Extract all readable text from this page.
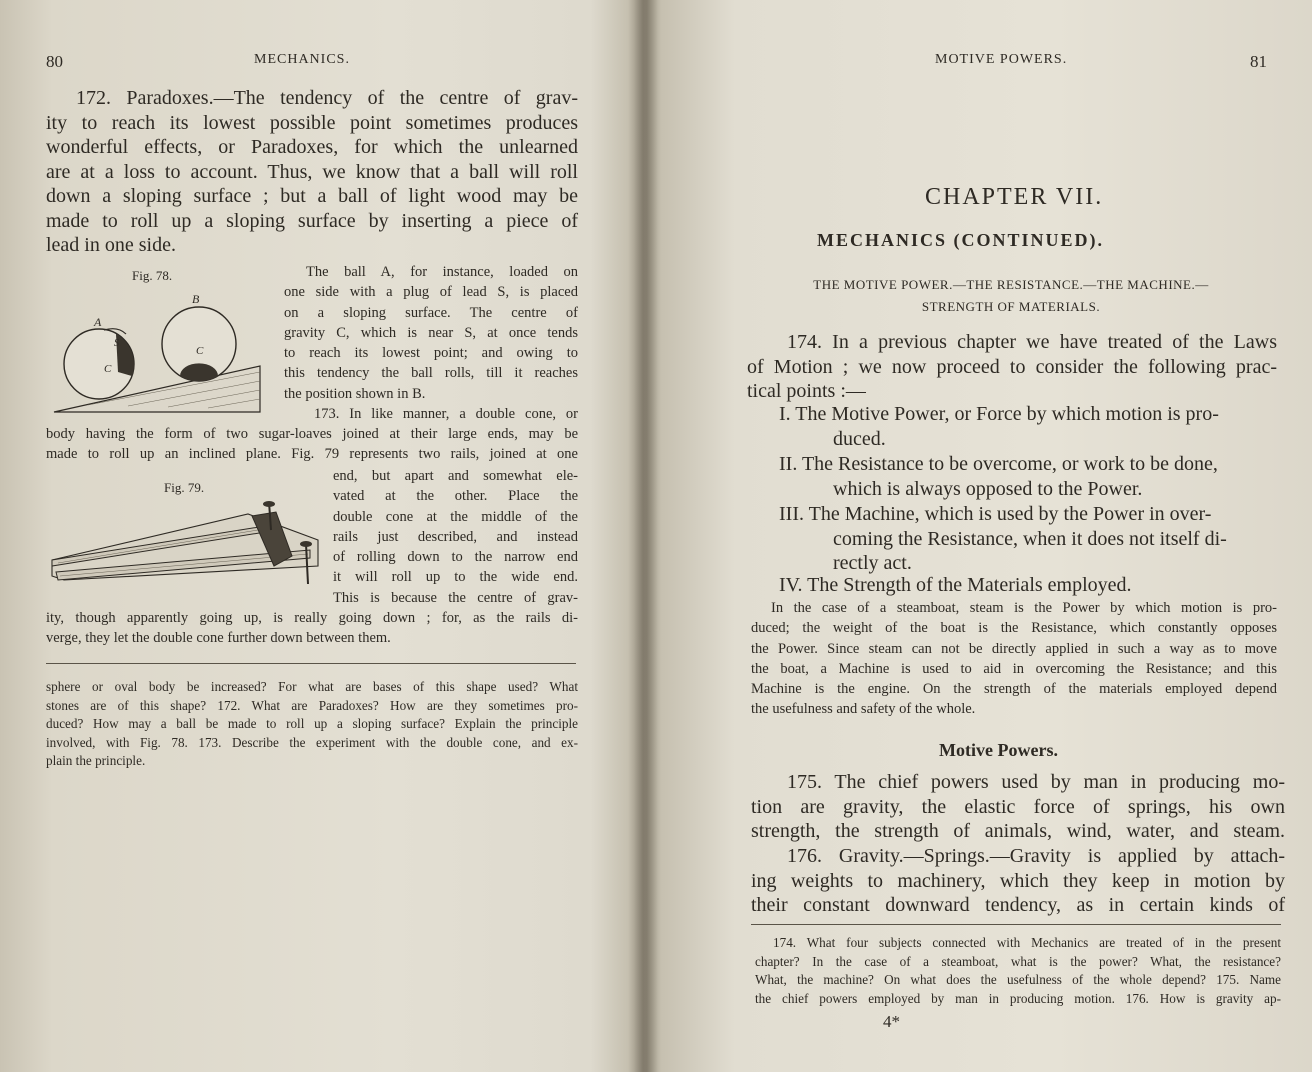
80	MECHANICS.
172. Paradoxes.—The tendency of the centre of grav-
ity to reach its lowest possible point sometimes produces
wonderful effects, or Paradoxes, for which the unlearned
are at a loss to account. Thus, we know that a ball will roll
down a sloping surface ; but a ball of light wood may be
made to roll up a sloping surface by inserting a piece of
lead in one side.
Fig. 78.
A
B
S
C
C
The ball A, for instance, loaded on
one side with a plug of lead S, is placed
on a sloping surface. The centre of
gravity C, which is near S, at once tends
to reach its lowest point; and owing to
this tendency the ball rolls, till it reaches
the position shown in B.
173. In like manner, a double cone, or
body having the form of two sugar-loaves joined at their large ends, may be
made to roll up an inclined plane. Fig. 79 represents two rails, joined at one
Fig. 79.
end, but apart and somewhat ele-
vated at the other. Place the
double cone at the middle of the
rails just described, and instead
of rolling down to the narrow end
it will roll up to the wide end.
This is because the centre of grav-
ity, though apparently going up, is really going down ; for, as the rails di-
verge, they let the double cone further down between them.
sphere or oval body be increased? For what are bases of this shape used? What
stones are of this shape? 172. What are Paradoxes? How are they sometimes pro-
duced? How may a ball be made to roll up a sloping surface? Explain the principle
involved, with Fig. 78. 173. Describe the experiment with the double cone, and ex-
plain the principle.
MOTIVE POWERS.	81
CHAPTER VII.
MECHANICS (CONTINUED).
THE MOTIVE POWER.—THE RESISTANCE.—THE MACHINE.—
STRENGTH OF MATERIALS.
174. In a previous chapter we have treated of the Laws
of Motion ; we now proceed to consider the following prac-
tical points :—
I. The Motive Power, or Force by which motion is pro-
duced.
II. The Resistance to be overcome, or work to be done,
which is always opposed to the Power.
III. The Machine, which is used by the Power in over-
coming the Resistance, when it does not itself di-
rectly act.
IV. The Strength of the Materials employed.
In the case of a steamboat, steam is the Power by which motion is pro-
duced; the weight of the boat is the Resistance, which constantly opposes
the Power. Since steam can not be directly applied in such a way as to move
the boat, a Machine is used to aid in overcoming the Resistance; and this
Machine is the engine. On the strength of the materials employed depend
the usefulness and safety of the whole.
Motive Powers.
175. The chief powers used by man in producing mo-
tion are gravity, the elastic force of springs, his own
strength, the strength of animals, wind, water, and steam.
176. Gravity.—Springs.—Gravity is applied by attach-
ing weights to machinery, which they keep in motion by
their constant downward tendency, as in certain kinds of
174. What four subjects connected with Mechanics are treated of in the present
chapter? In the case of a steamboat, what is the power? What, the resistance?
What, the machine? On what does the usefulness of the whole depend? 175. Name
the chief powers employed by man in producing motion. 176. How is gravity ap-
4*
